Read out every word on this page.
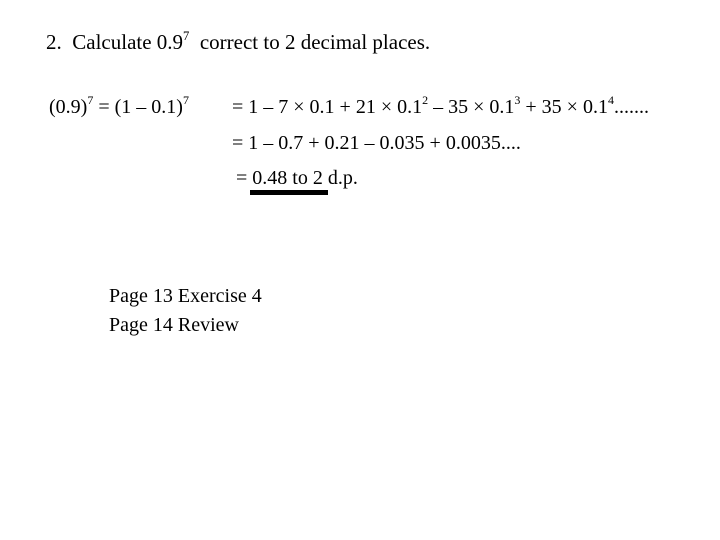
2. Calculate $0.9^7$ correct to 2 decimal places.
$(0.9)^7 = (1 - 0.1)^7 = 1 - 7 \times 0.1 + 21 \times 0.1^2 - 35 \times 0.1^3 + 35 \times 0.1^4$.......
= 1 – 0.7 + 0.21 – 0.035 + 0.0035....
= 0.48 to 2 d.p.
Page 13 Exercise 4
Page 14 Review
